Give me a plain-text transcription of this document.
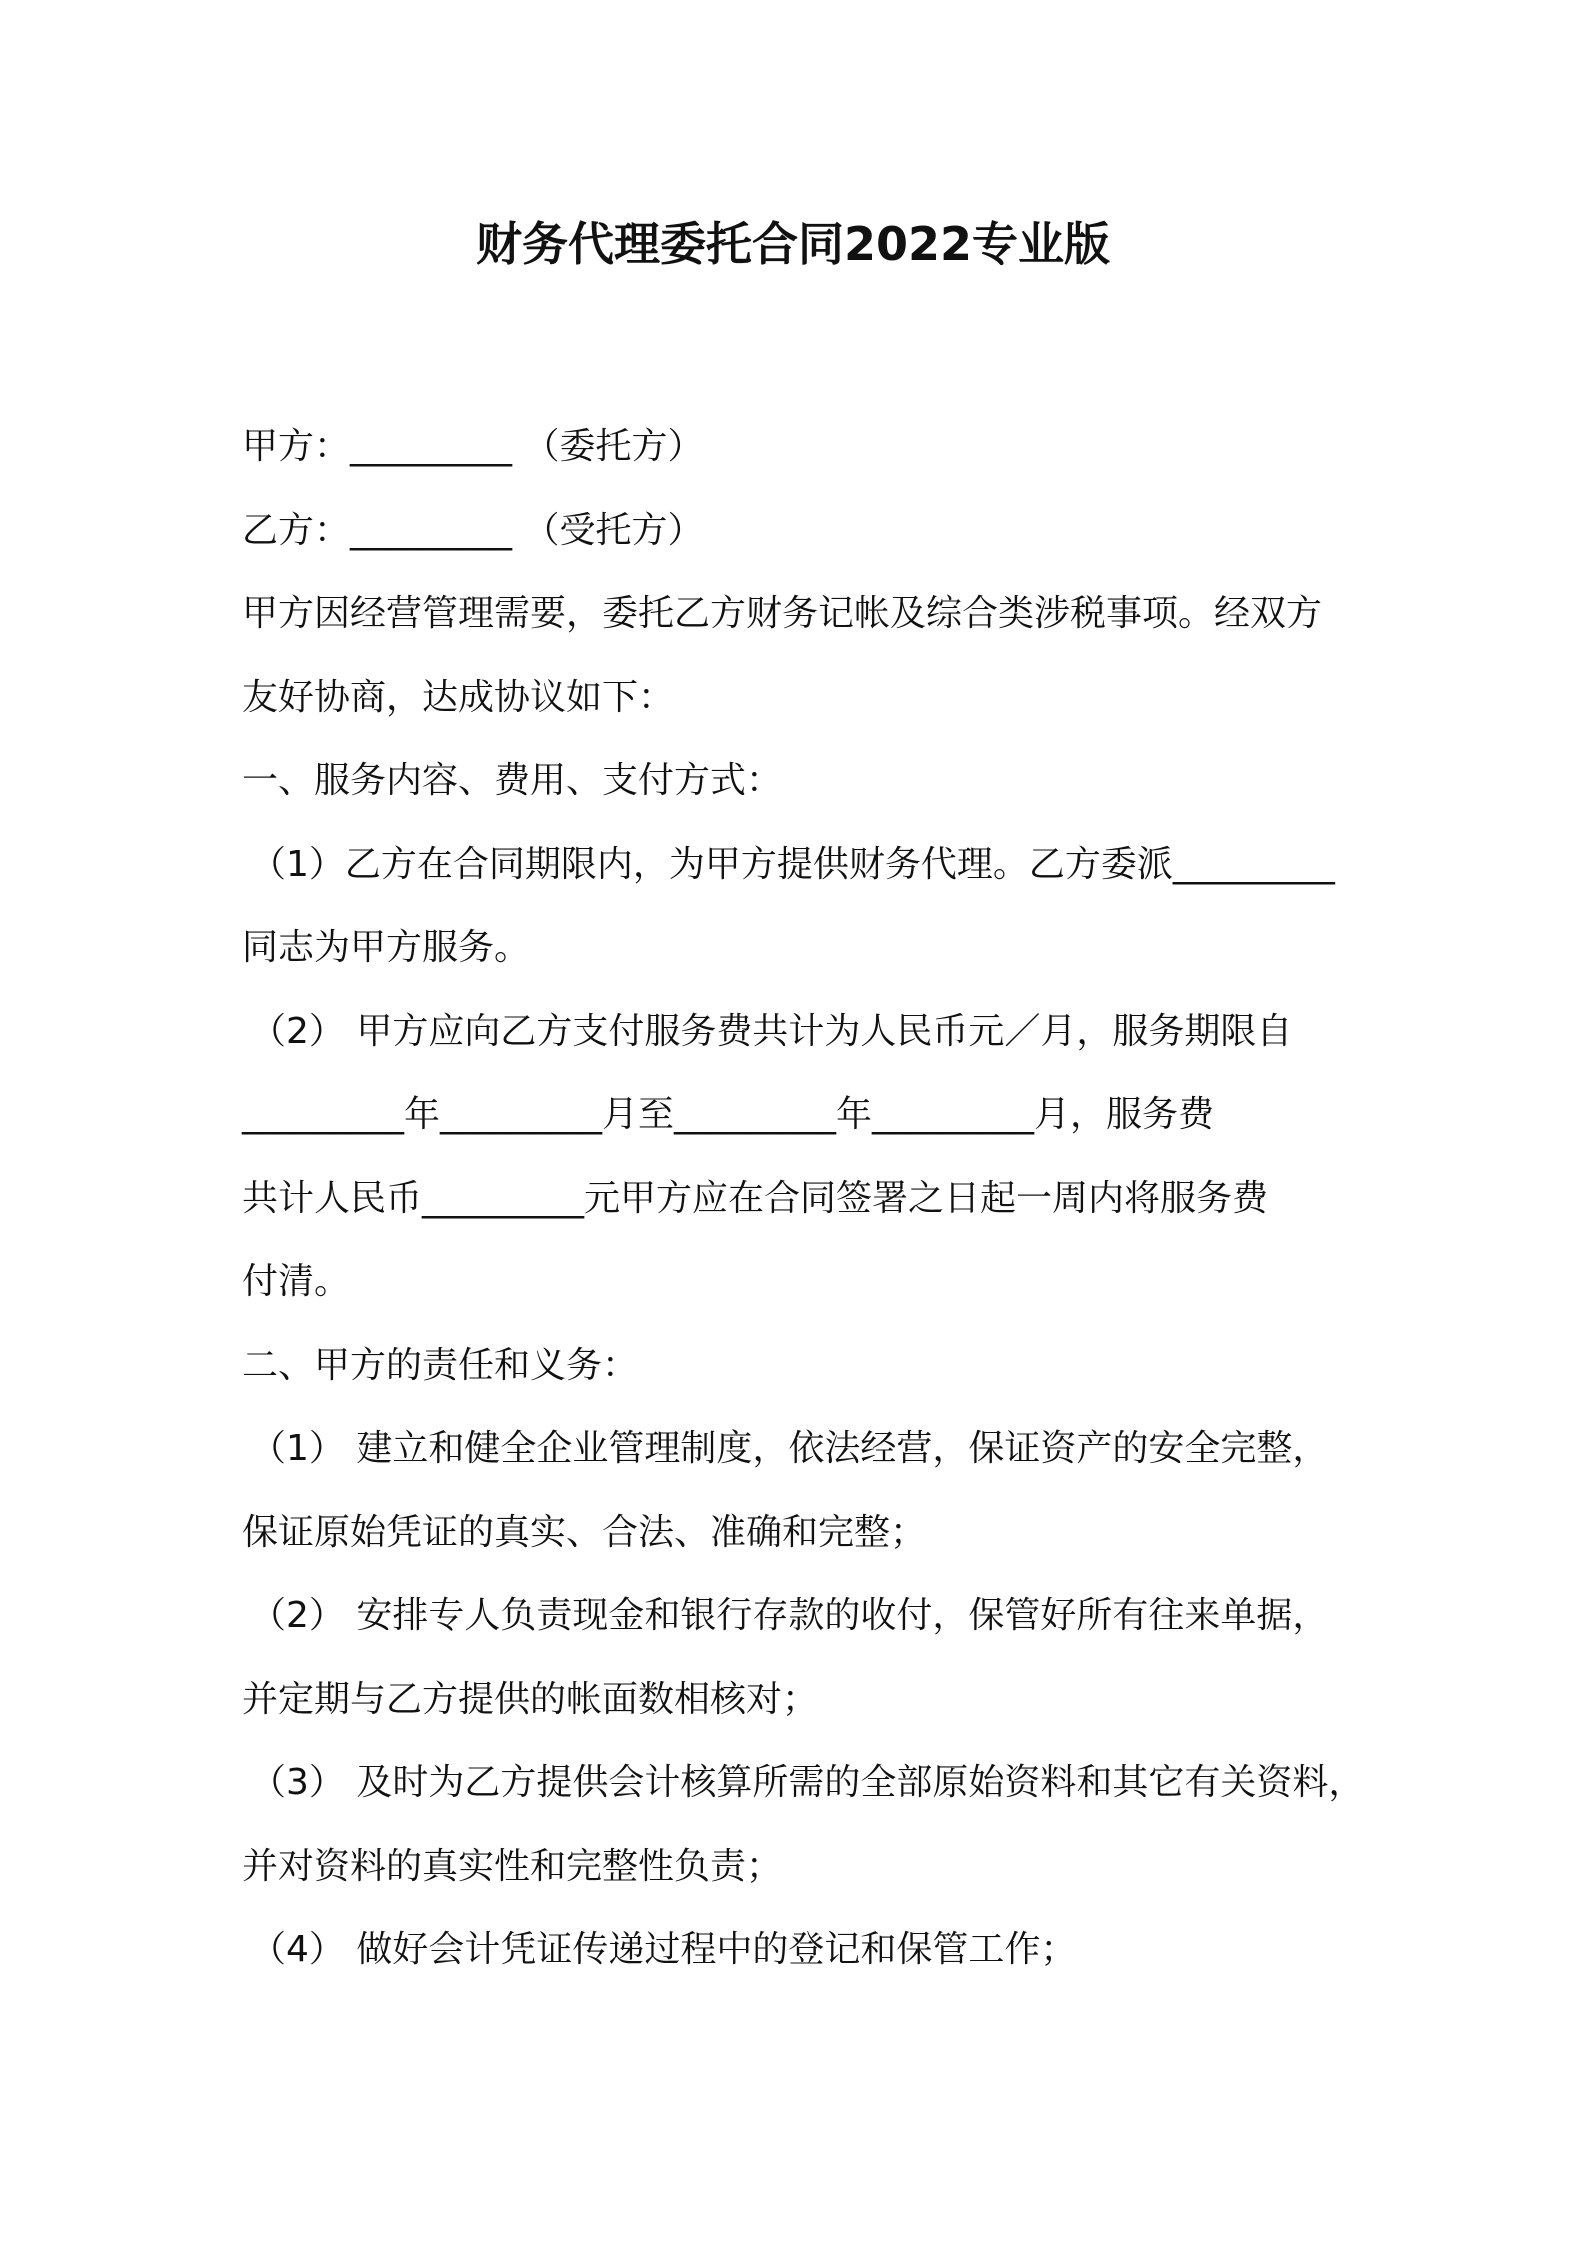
财务代理委托合同2022专业版
甲方：_________ （委托方）
乙方：_________ （受托方）
甲方因经营管理需要，委托乙方财务记帐及综合类涉税事项。经双方
友好协商，达成协议如下：
一、服务内容、费用、支付方式：
（1）乙方在合同期限内，为甲方提供财务代理。乙方委派_________
同志为甲方服务。
（2） 甲方应向乙方支付服务费共计为人民币元／月，服务期限自
_________年_________月至_________年_________月，服务费
共计人民币_________元甲方应在合同签署之日起一周内将服务费
付清。
二、甲方的责任和义务：
（1） 建立和健全企业管理制度，依法经营，保证资产的安全完整，
保证原始凭证的真实、合法、准确和完整；
（2） 安排专人负责现金和银行存款的收付，保管好所有往来单据，
并定期与乙方提供的帐面数相核对；
（3） 及时为乙方提供会计核算所需的全部原始资料和其它有关资料，
并对资料的真实性和完整性负责；
（4） 做好会计凭证传递过程中的登记和保管工作；
